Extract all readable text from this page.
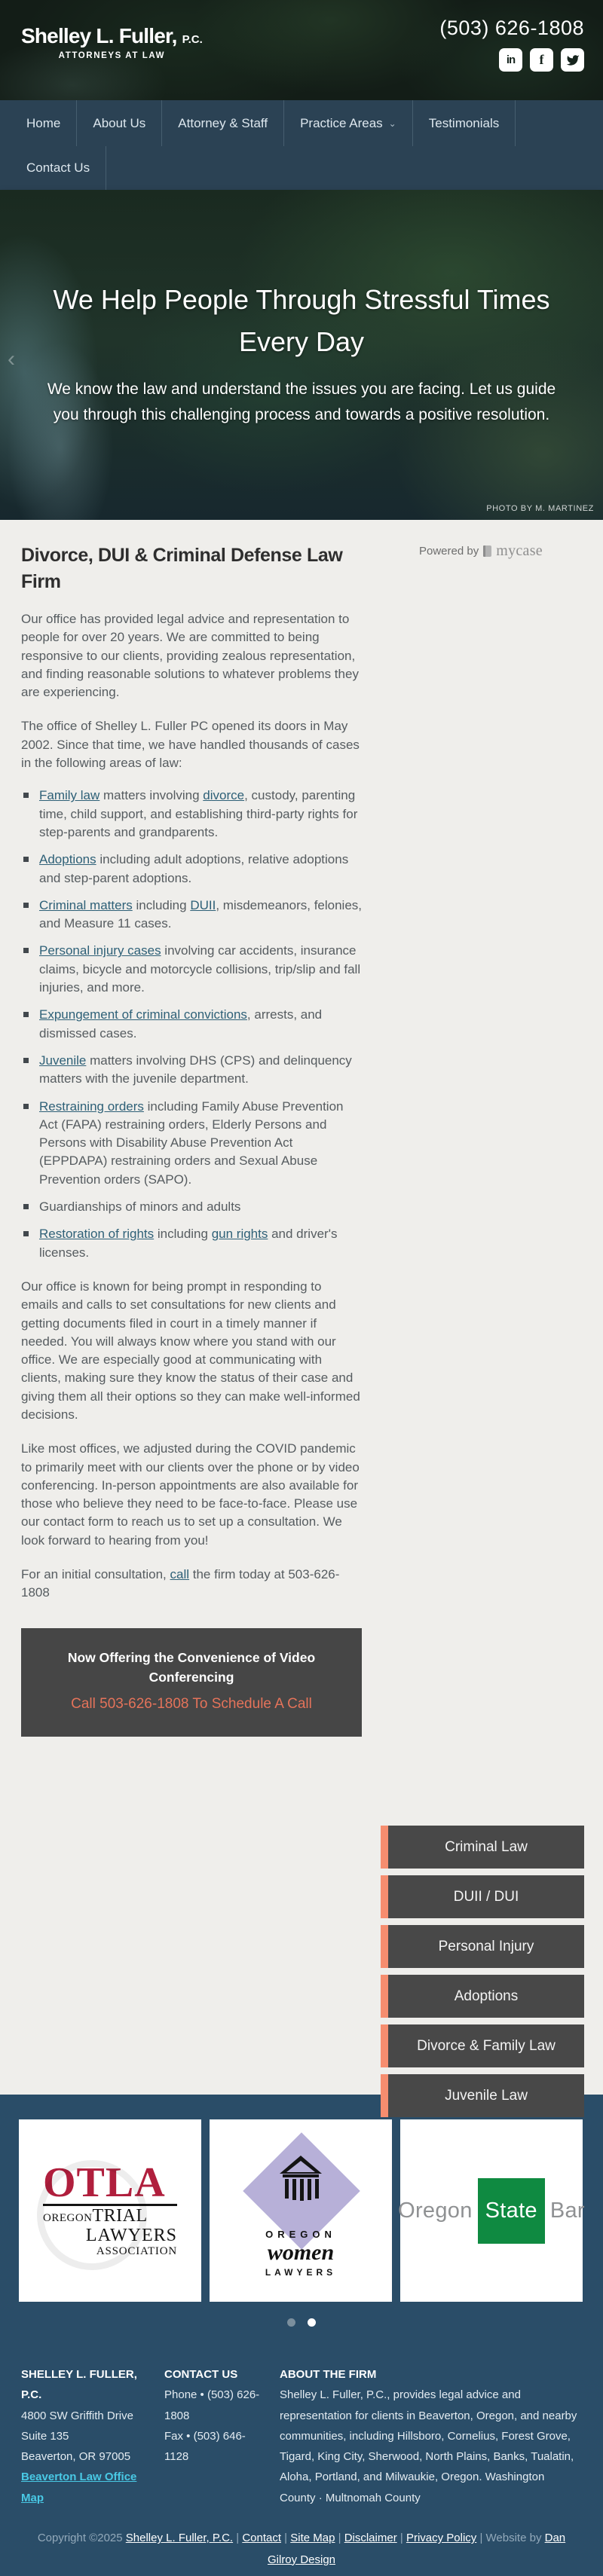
Shelley L. Fuller, P.C.
ATTORNEYS AT LAW
(503) 626-1808
in
f
Home	About Us	Attorney & Staff	Practice Areas ⌄	Testimonials
Contact Us
‹
We Help People Through Stressful Times Every Day
We know the law and understand the issues you are facing. Let us guide you through this challenging process and towards a positive resolution.
PHOTO BY M. MARTINEZ
Powered by mycase
Divorce, DUI & Criminal Defense Law Firm

Our office has provided legal advice and representation to people for over 20 years. We are committed to being responsive to our clients, providing zealous representation, and finding reasonable solutions to whatever problems they are experiencing.

The office of Shelley L. Fuller PC opened its doors in May 2002. Since that time, we have handled thousands of cases in the following areas of law:

Family law matters involving divorce, custody, parenting time, child support, and establishing third-party rights for step-parents and grandparents.
Adoptions including adult adoptions, relative adoptions and step-parent adoptions.
Criminal matters including DUII, misdemeanors, felonies, and Measure 11 cases.
Personal injury cases involving car accidents, insurance claims, bicycle and motorcycle collisions, trip/slip and fall injuries, and more.
Expungement of criminal convictions, arrests, and dismissed cases.
Juvenile matters involving DHS (CPS) and delinquency matters with the juvenile department.
Restraining orders including Family Abuse Prevention Act (FAPA) restraining orders, Elderly Persons and Persons with Disability Abuse Prevention Act (EPPDAPA) restraining orders and Sexual Abuse Prevention orders (SAPO).
Guardianships of minors and adults
Restoration of rights including gun rights and driver's licenses.

Our office is known for being prompt in responding to emails and calls to set consultations for new clients and getting documents filed in court in a timely manner if needed. You will always know where you stand with our office. We are especially good at communicating with clients, making sure they know the status of their case and giving them all their options so they can make well-informed decisions.

Like most offices, we adjusted during the COVID pandemic to primarily meet with our clients over the phone or by video conferencing. In-person appointments are also available for those who believe they need to be face-to-face. Please use our contact form to reach us to set up a consultation. We look forward to hearing from you!

For an initial consultation, call the firm today at 503-626-1808

Now Offering the Convenience of Video Conferencing
Call 503-626-1808 To Schedule A Call
Criminal Law
DUII / DUI
Personal Injury
Adoptions
Divorce & Family Law
Juvenile Law
OTLA
OREGON TRIAL
LAWYERS
ASSOCIATION
OREGON
women
LAWYERS
Oregon State Bar

SHELLEY L. FULLER, P.C.
4800 SW Griffith Drive
Suite 135
Beaverton, OR 97005
Beaverton Law Office Map
CONTACT US
Phone • (503) 626-1808
Fax • (503) 646-1128
ABOUT THE FIRM
Shelley L. Fuller, P.C., provides legal advice and representation for clients in Beaverton, Oregon, and nearby communities, including Hillsboro, Cornelius, Forest Grove, Tigard, King City, Sherwood, North Plains, Banks, Tualatin, Aloha, Portland, and Milwaukie, Oregon. Washington County · Multnomah County
Copyright ©2025 Shelley L. Fuller, P.C. | Contact | Site Map | Disclaimer | Privacy Policy | Website by Dan Gilroy Design
